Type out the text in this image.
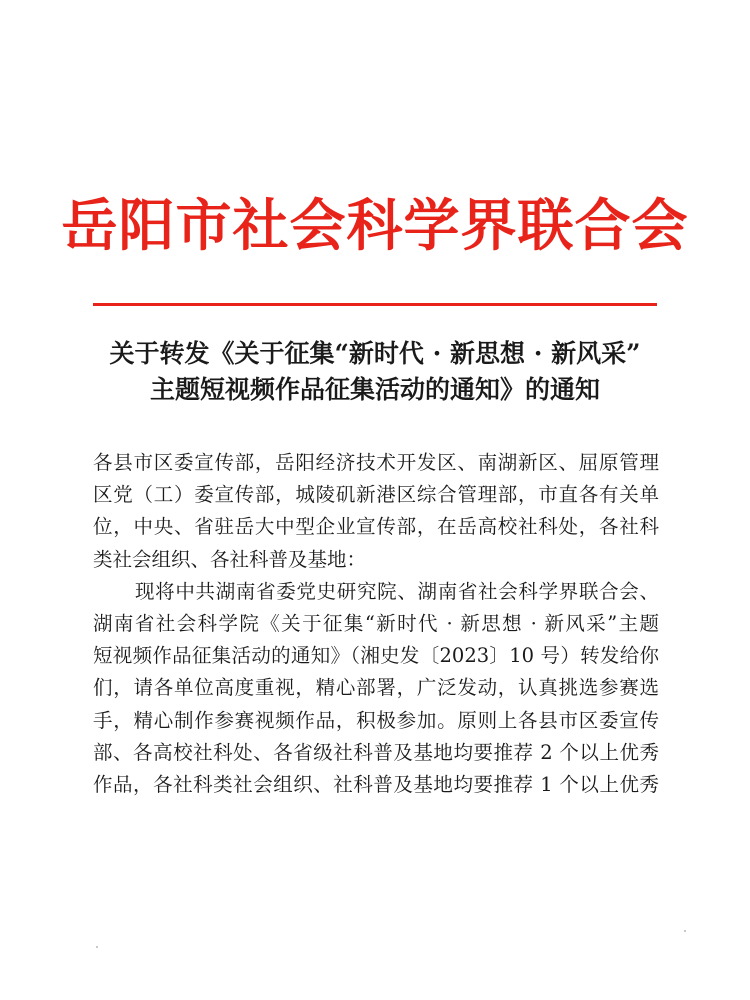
岳阳市社会科学界联合会
关于转发《关于征集“新时代 · 新思想 · 新风采”
主题短视频作品征集活动的通知》的通知
各县市区委宣传部，岳阳经济技术开发区、南湖新区、屈原管理
区党（工）委宣传部，城陵矶新港区综合管理部，市直各有关单
位，中央、省驻岳大中型企业宣传部，在岳高校社科处，各社科
类社会组织、各社科普及基地：
现将中共湖南省委党史研究院、湖南省社会科学界联合会、
湖南省社会科学院《关于征集“新时代 · 新思想 · 新风采”主题
短视频作品征集活动的通知》（湘史发〔2023〕10 号）转发给你
们，请各单位高度重视，精心部署，广泛发动，认真挑选参赛选
手，精心制作参赛视频作品，积极参加。原则上各县市区委宣传
部、各高校社科处、各省级社科普及基地均要推荐 2 个以上优秀
作品，各社科类社会组织、社科普及基地均要推荐 1 个以上优秀
